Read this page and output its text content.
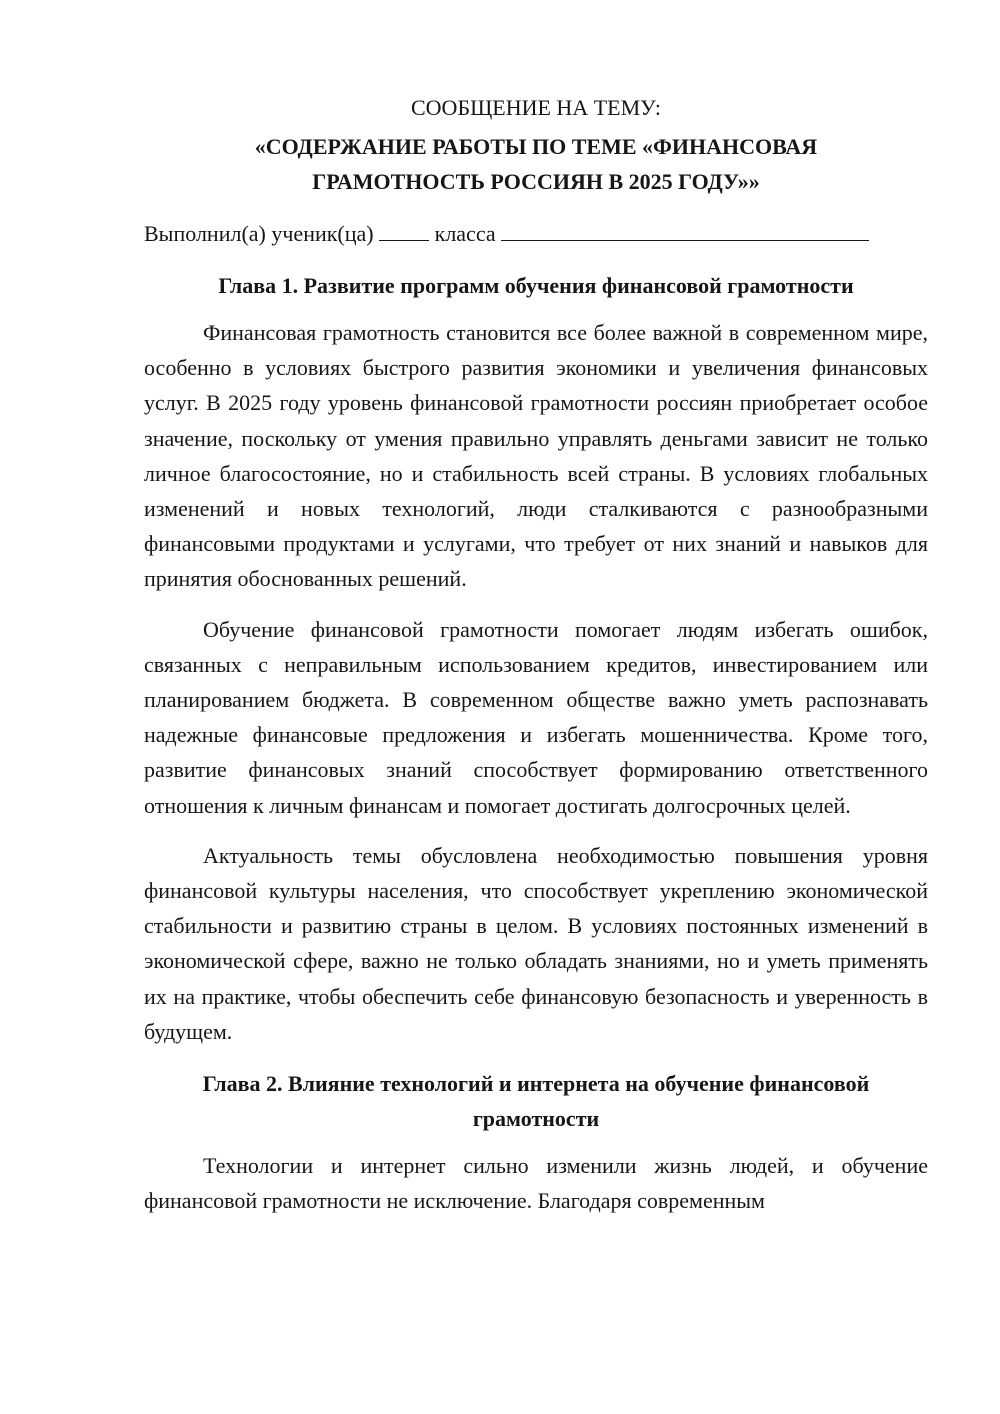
СООБЩЕНИЕ НА ТЕМУ:

«СОДЕРЖАНИЕ РАБОТЫ ПО ТЕМЕ «ФИНАНСОВАЯ
ГРАМОТНОСТЬ РОССИЯН В 2025 ГОДУ»»
Выполнил(а) ученик(ца)	класса
Глава 1. Развитие программ обучения финансовой грамотности

Финансовая грамотность становится все более важной в современном мире, особенно в условиях быстрого развития экономики и увеличения финансовых услуг. В 2025 году уровень финансовой грамотности россиян приобретает особое значение, поскольку от умения правильно управлять деньгами зависит не только личное благосостояние, но и стабильность всей страны. В условиях глобальных изменений и новых технологий, люди сталкиваются с разнообразными финансовыми продуктами и услугами, что требует от них знаний и навыков для принятия обоснованных решений.

Обучение финансовой грамотности помогает людям избегать ошибок, связанных с неправильным использованием кредитов, инвестированием или планированием бюджета. В современном обществе важно уметь распознавать надежные финансовые предложения и избегать мошенничества. Кроме того, развитие финансовых знаний способствует формированию ответственного отношения к личным финансам и помогает достигать долгосрочных целей.

Актуальность темы обусловлена необходимостью повышения уровня финансовой культуры населения, что способствует укреплению экономической стабильности и развитию страны в целом. В условиях постоянных изменений в экономической сфере, важно не только обладать знаниями, но и уметь применять их на практике, чтобы обеспечить себе финансовую безопасность и уверенность в будущем.

Глава 2. Влияние технологий и интернета на обучение финансовой
грамотности

Технологии и интернет сильно изменили жизнь людей, и обучение финансовой грамотности не исключение. Благодаря современным
